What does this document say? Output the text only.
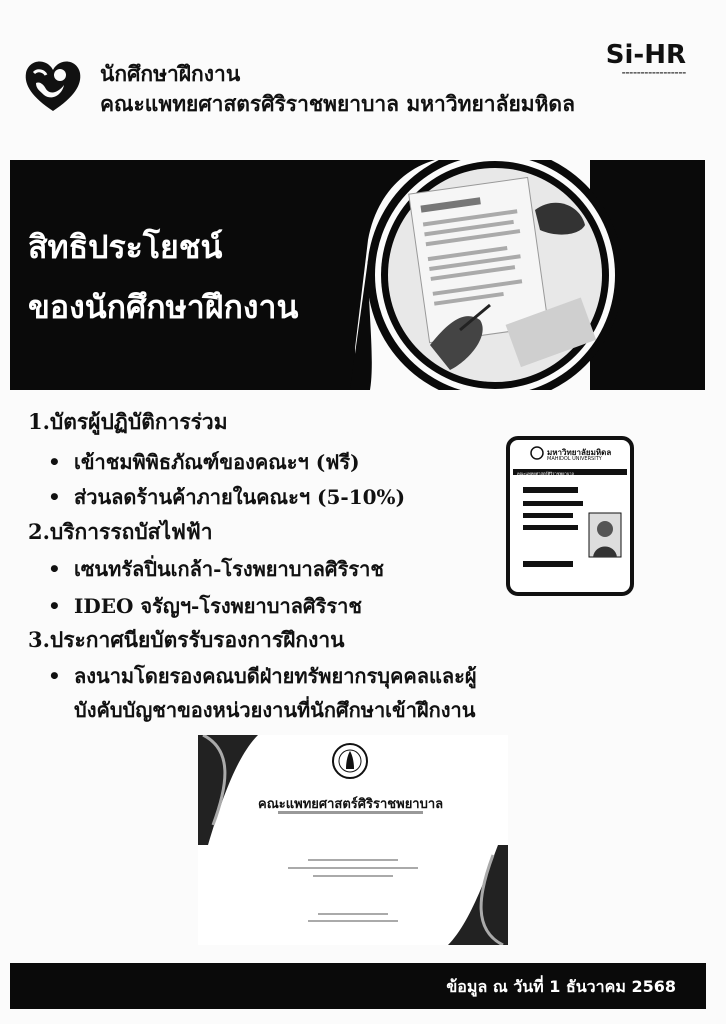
นักศึกษาฝึกงาน
คณะแพทยศาสตรศิริราชพยาบาล มหาวิทยาลัยมหิดล
Si-HR
▬▬▬▬▬▬▬▬▬▬▬▬▬▬▬▬▬
สิทธิประโยชน์
ของนักศึกษาฝึกงาน
1.บัตรผู้ปฏิบัติการร่วม
• เข้าชมพิพิธภัณฑ์ของคณะฯ (ฟรี)
• ส่วนลดร้านค้าภายในคณะฯ (5-10%)
2.บริการรถบัสไฟฟ้า
• เซนทรัลปิ่นเกล้า-โรงพยาบาลศิริราช
• IDEO จรัญฯ-โรงพยาบาลศิริราช
3.ประกาศนียบัตรรับรองการฝึกงาน
• ลงนามโดยรองคณบดีฝ่ายทรัพยากรบุคคลและผู้
บังคับบัญชาของหน่วยงานที่นักศึกษาเข้าฝึกงาน
มหาวิทยาลัยมหิดล
MAHIDOL UNIVERSITY
คณะแพทยศาสตร์ศิริราชพยาบาล
คณะแพทยศาสตร์ศิริราชพยาบาล
ข้อมูล ณ วันที่ 1 ธันวาคม 2568
